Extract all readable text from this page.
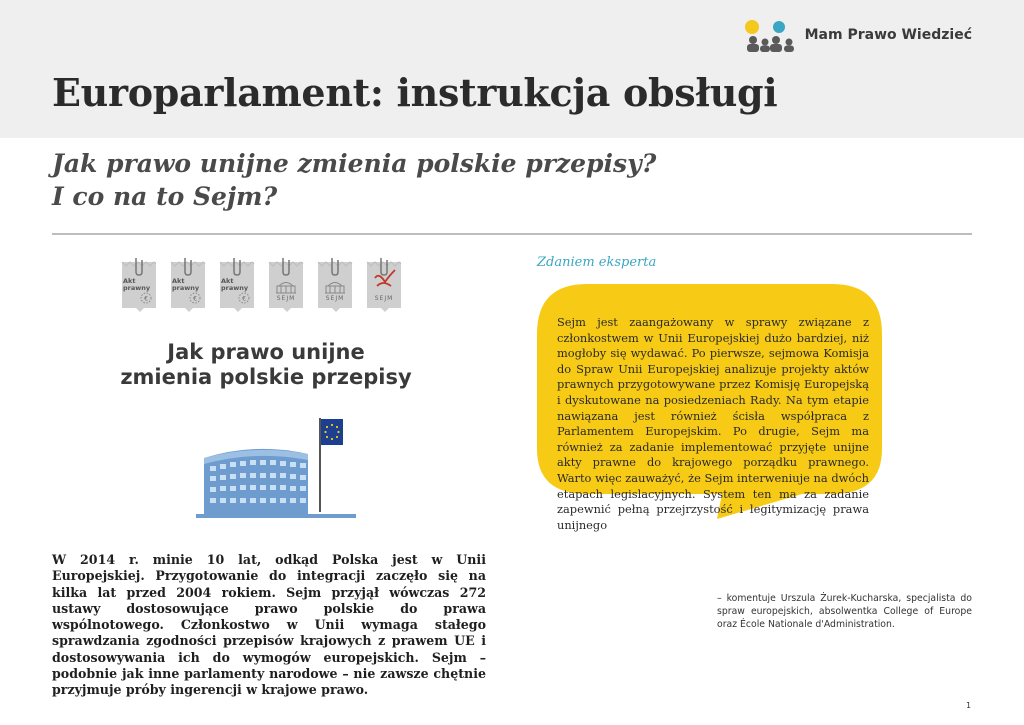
Mam Prawo Wiedzieć
Europarlament: instrukcja obsługi
Jak prawo unijne zmienia polskie przepisy?
I co na to Sejm?
€
Akt prawny
€
Akt prawny
€
Akt prawny
SEJM	SEJM	SEJM
Jak prawo unijne
zmienia polskie przepisy

W 2014 r. minie 10 lat, odkąd Polska jest w Unii Europejskiej. Przygotowanie do integracji zaczęło się na kilka lat przed 2004 rokiem. Sejm przyjął wówczas 272 ustawy dostosowujące prawo polskie do prawa wspólnotowego. Członkostwo w Unii wymaga stałego sprawdzania zgodności przepisów krajowych z prawem UE i dostosowywania ich do wymogów europejskich. Sejm – podobnie jak inne parlamenty narodowe – nie zawsze chętnie przyjmuje próby ingerencji w krajowe prawo.

Zdaniem eksperta

Sejm jest zaangażowany w sprawy związane z członkostwem w Unii Europejskiej dużo bardziej, niż mogłoby się wydawać. Po pierwsze, sejmowa Komisja do Spraw Unii Europejskiej analizuje projekty aktów prawnych przygotowywane przez Komisję Europejską i dyskutowane na posiedzeniach Rady. Na tym etapie nawiązana jest również ścisła współpraca z Parlamentem Europejskim. Po drugie, Sejm ma również za zadanie implementować przyjęte unijne akty prawne do krajowego porządku prawnego. Warto więc zauważyć, że Sejm interweniuje na dwóch etapach legislacyjnych. System ten ma za zadanie zapewnić pełną przejrzystość i legitymizację prawa unijnego

– komentuje Urszula Żurek-Kucharska, specjalista do spraw europejskich, absolwentka College of Europe oraz École Nationale d'Administration.

1
